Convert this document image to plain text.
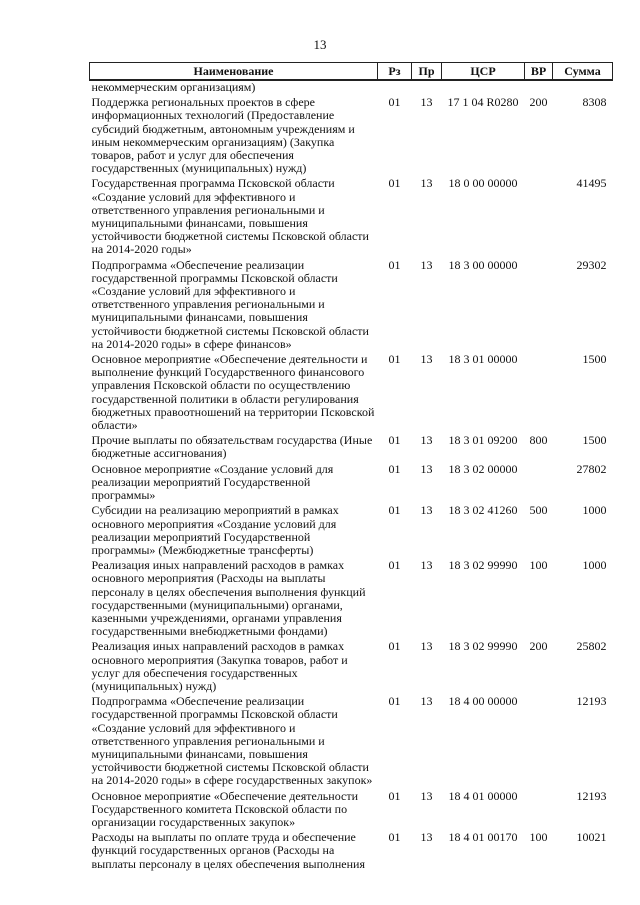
13
Наименование	Рз	Пр	ЦСР	ВР	Сумма
некоммерческим организациям)					
Поддержка региональных проектов в сфере информационных технологий (Предоставление субсидий бюджетным, автономным учреждениям и иным некоммерческим организациям) (Закупка товаров, работ и услуг для обеспечения государственных (муниципальных) нужд)	01	13	17 1 04 R0280	200	8308
Государственная программа Псковской области «Создание условий для эффективного и ответственного управления региональными и муниципальными финансами, повышения устойчивости бюджетной системы Псковской области на 2014-2020 годы»	01	13	18 0 00 00000		41495
Подпрограмма «Обеспечение реализации государственной программы Псковской области «Создание условий для эффективного и ответственного управления региональными и муниципальными финансами, повышения устойчивости бюджетной системы Псковской области на 2014-2020 годы» в сфере финансов»	01	13	18 3 00 00000		29302
Основное мероприятие «Обеспечение деятельности и выполнение функций Государственного финансового управления Псковской области по осуществлению государственной политики в области регулирования бюджетных правоотношений на территории Псковской области»	01	13	18 3 01 00000		1500
Прочие выплаты по обязательствам государства (Иные бюджетные ассигнования)	01	13	18 3 01 09200	800	1500
Основное мероприятие «Создание условий для реализации мероприятий Государственной программы»	01	13	18 3 02 00000		27802
Субсидии на реализацию мероприятий в рамках основного мероприятия «Создание условий для реализации мероприятий Государственной программы» (Межбюджетные трансферты)	01	13	18 3 02 41260	500	1000
Реализация иных направлений расходов в рамках основного мероприятия (Расходы на выплаты персоналу в целях обеспечения выполнения функций государственными (муниципальными) органами, казенными учреждениями, органами управления государственными внебюджетными фондами)	01	13	18 3 02 99990	100	1000
Реализация иных направлений расходов в рамках основного мероприятия (Закупка товаров, работ и услуг для обеспечения государственных (муниципальных) нужд)	01	13	18 3 02 99990	200	25802
Подпрограмма «Обеспечение реализации государственной программы Псковской области «Создание условий для эффективного и ответственного управления региональными и муниципальными финансами, повышения устойчивости бюджетной системы Псковской области на 2014-2020 годы» в сфере государственных закупок»	01	13	18 4 00 00000		12193
Основное мероприятие «Обеспечение деятельности Государственного комитета Псковской области по организации государственных закупок»	01	13	18 4 01 00000		12193
Расходы на выплаты по оплате труда и обеспечение функций государственных органов (Расходы на выплаты персоналу в целях обеспечения выполнения	01	13	18 4 01 00170	100	10021
